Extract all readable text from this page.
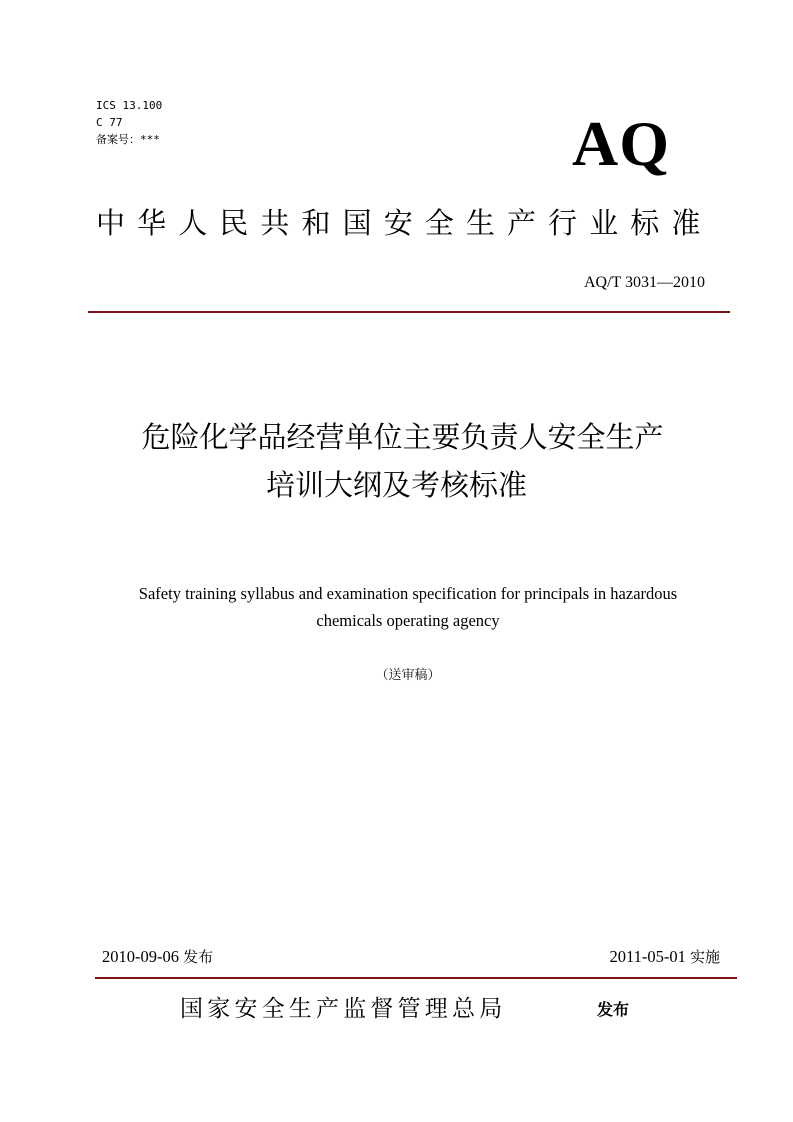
ICS 13.100
C 77
备案号：***	AQ
中华人民共和国安全生产行业标准
AQ/T 3031—2010
危险化学品经营单位主要负责人安全生产
培训大纲及考核标准
Safety training syllabus and examination specification for principals in hazardous
chemicals operating agency
（送审稿）
2010-09-06 发布	2011-05-01 实施
国家安全生产监督管理总局	发布
